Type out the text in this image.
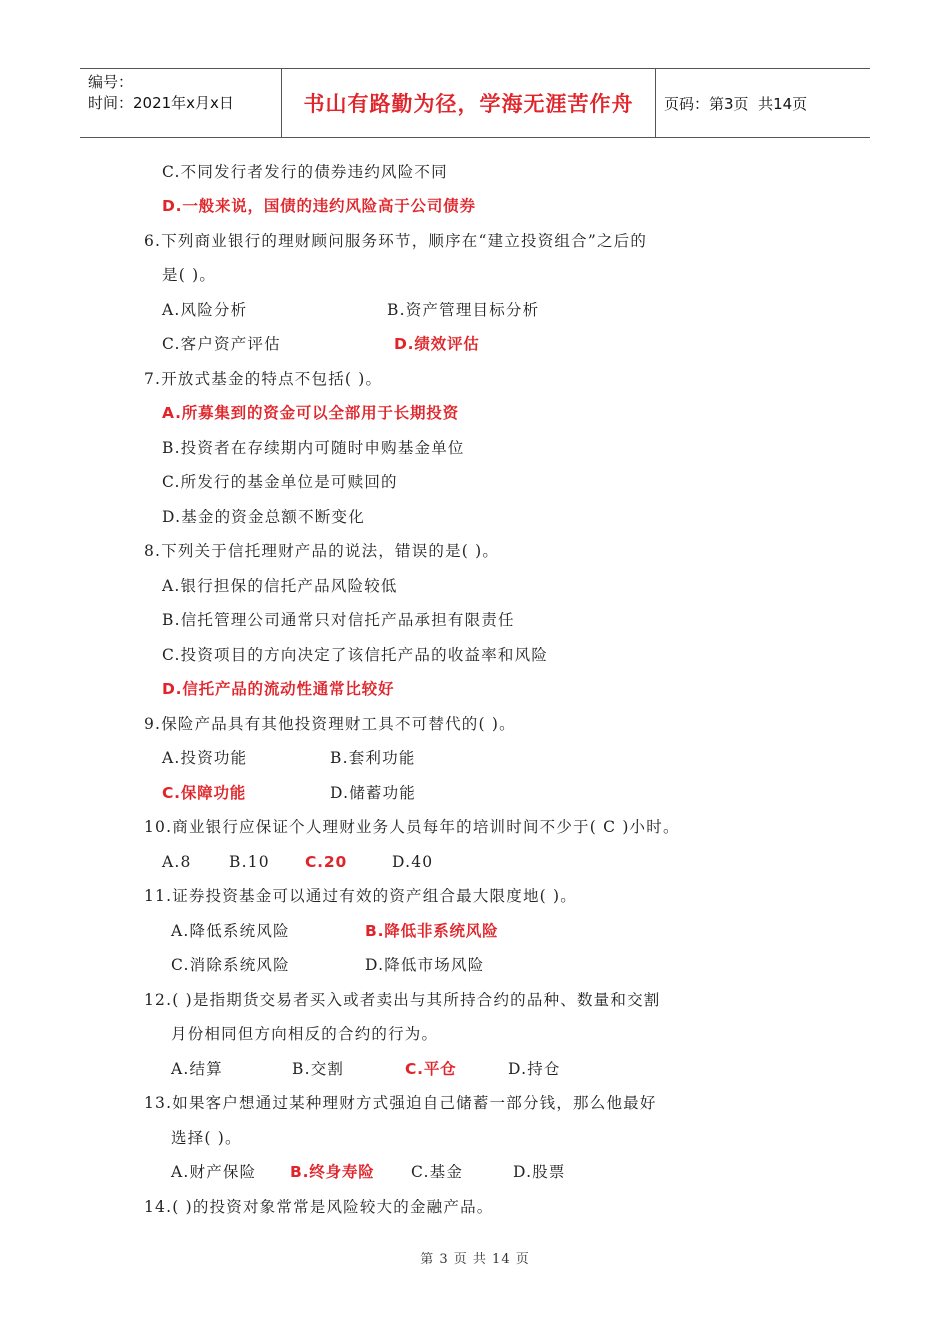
编号：
时间：2021年x月x日	书山有路勤为径，学海无涯苦作舟 页码：第3页  共14页
C.不同发行者发行的债券违约风险不同
D.一般来说，国债的违约风险高于公司债券
6.下列商业银行的理财顾问服务环节，顺序在“建立投资组合”之后的
是( )。
A.风险分析	B.资产管理目标分析
C.客户资产评估	D.绩效评估
7.开放式基金的特点不包括( )。
A.所募集到的资金可以全部用于长期投资
B.投资者在存续期内可随时申购基金单位
C.所发行的基金单位是可赎回的
D.基金的资金总额不断变化
8.下列关于信托理财产品的说法，错误的是( )。
A.银行担保的信托产品风险较低
B.信托管理公司通常只对信托产品承担有限责任
C.投资项目的方向决定了该信托产品的收益率和风险
D.信托产品的流动性通常比较好
9.保险产品具有其他投资理财工具不可替代的( )。
A.投资功能	B.套利功能
C.保障功能	D.储蓄功能
10.商业银行应保证个人理财业务人员每年的培训时间不少于( C )小时。
A.8 B.10 C.20	D.40
11.证券投资基金可以通过有效的资产组合最大限度地( )。
A.降低系统风险	B.降低非系统风险
C.消除系统风险	D.降低市场风险
12.( )是指期货交易者买入或者卖出与其所持合约的品种、数量和交割
月份相同但方向相反的合约的行为。
A.结算	B.交割	C.平仓	D.持仓
13.如果客户想通过某种理财方式强迫自己储蓄一部分钱，那么他最好
选择( )。
A.财产保险 B.终身寿险 C.基金	D.股票
14.( )的投资对象常常是风险较大的金融产品。
第 3 页 共 14 页
